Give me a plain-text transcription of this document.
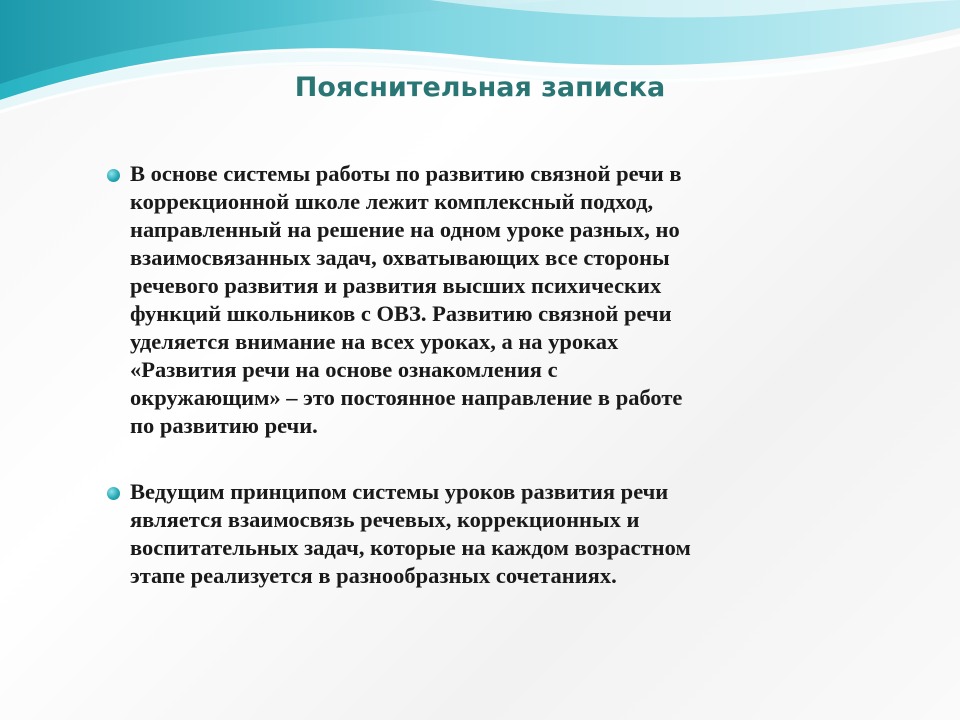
Пояснительная записка
В основе системы работы по развитию связной речи в
коррекционной школе лежит комплексный подход,
направленный на решение на одном уроке разных, но
взаимосвязанных задач, охватывающих все стороны
речевого развития и развития высших психических
функций школьников с ОВЗ. Развитию связной речи
уделяется внимание на всех уроках, а на уроках
«Развития речи на основе ознакомления с
окружающим» – это постоянное направление в работе
по развитию речи.
Ведущим принципом системы уроков развития речи
является взаимосвязь речевых, коррекционных и
воспитательных задач, которые на каждом возрастном
этапе реализуется в разнообразных сочетаниях.
